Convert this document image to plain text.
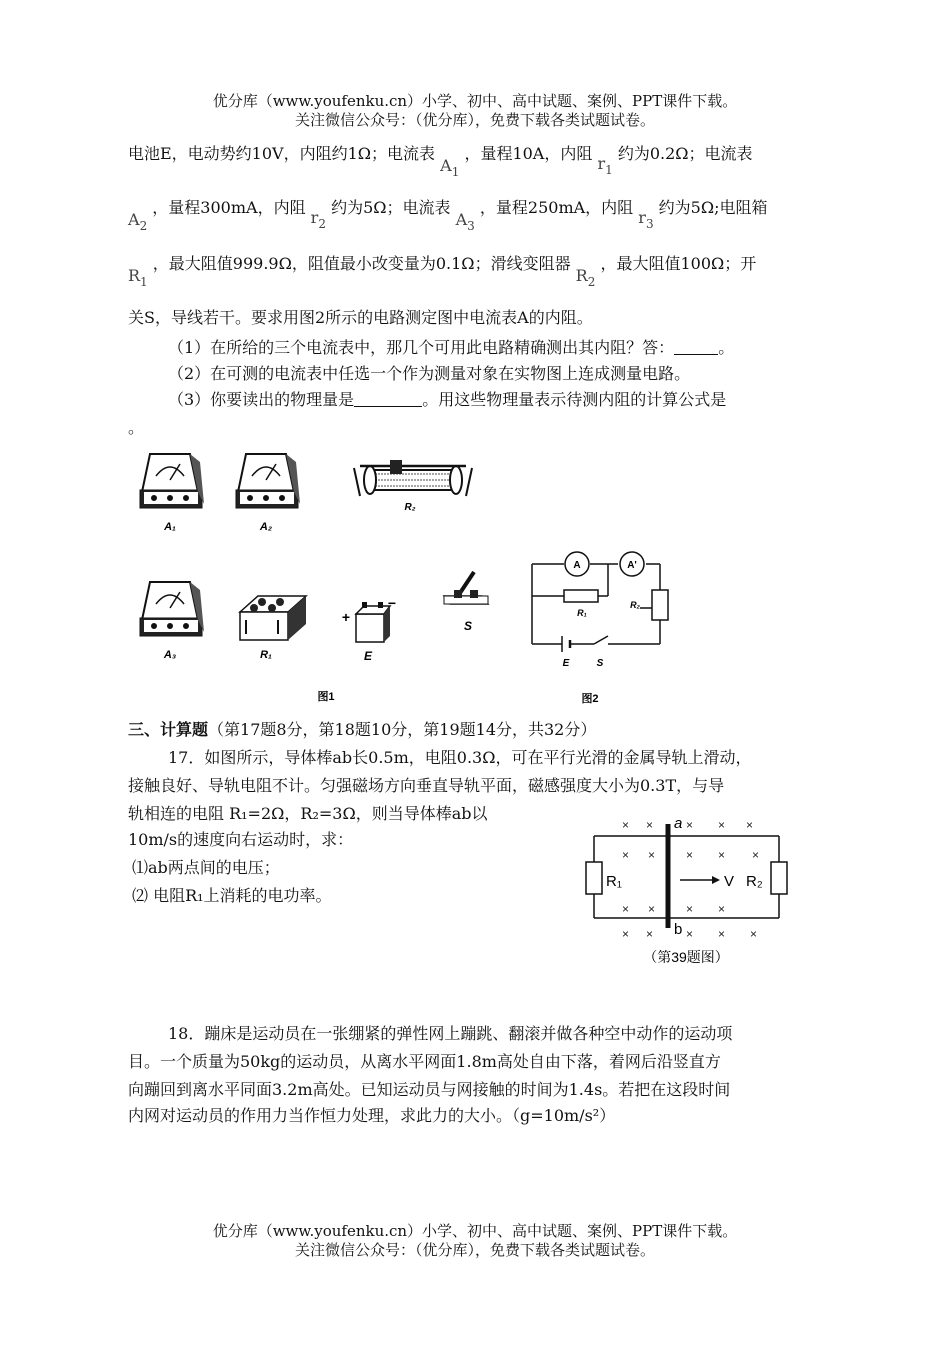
优分库（www.youfenku.cn）小学、初中、高中试题、案例、PPT课件下载。
关注微信公众号：（优分库），免费下载各类试题试卷。
电池E，电动势约10V，内阻约1Ω；电流表 $A_1$ ，量程10A，内阻 $r_1$ 约为0.2Ω；电流表
$A_2$ ，量程300mA，内阻 $r_2$ 约为5Ω；电流表 $A_3$ ，量程250mA，内阻 $r_3$ 约为5Ω;电阻箱
$R_1$ ，最大阻值999.9Ω，阻值最小改变量为0.1Ω；滑线变阻器 $R_2$ ，最大阻值100Ω；开
关S，导线若干。要求用图2所示的电路测定图中电流表A的内阻。
（1）在所给的三个电流表中，那几个可用此电路精确测出其内阻？答：	。
（2）在可测的电流表中任选一个作为测量对象在实物图上连成测量电路。
（3）你要读出的物理量是	。用这些物理量表示待测内阻的计算公式是
。
A₁	A₂
R₂
A₃	R₁
+
−
E
S
A	A'
R₁
R₂
E	S
图1	图2
三、计算题（第17题8分，第18题10分，第19题14分，共32分）
17．如图所示，导体棒ab长0.5m，电阻0.3Ω，可在平行光滑的金属导轨上滑动，
接触良好、导轨电阻不计。匀强磁场方向垂直导轨平面，磁感强度大小为0.3T，与导
轨相连的电阻 R₁=2Ω，R₂=3Ω，则当导体棒ab以
10m/s的速度向右运动时，求：
⑴ab两点间的电压；
⑵ 电阻R₁上消耗的电功率。
V
R₁	R₂
a
b
× ×	× × ×
× ×	× × ×
× ×	× ×
× ×	× × ×
（第39题图）
18．蹦床是运动员在一张绷紧的弹性网上蹦跳、翻滚并做各种空中动作的运动项
目。一个质量为50kg的运动员，从离水平网面1.8m高处自由下落，着网后沿竖直方
向蹦回到离水平同面3.2m高处。已知运动员与网接触的时间为1.4s。若把在这段时间
内网对运动员的作用力当作恒力处理，求此力的大小。（g=10m/s²）
优分库（www.youfenku.cn）小学、初中、高中试题、案例、PPT课件下载。
关注微信公众号：（优分库），免费下载各类试题试卷。
